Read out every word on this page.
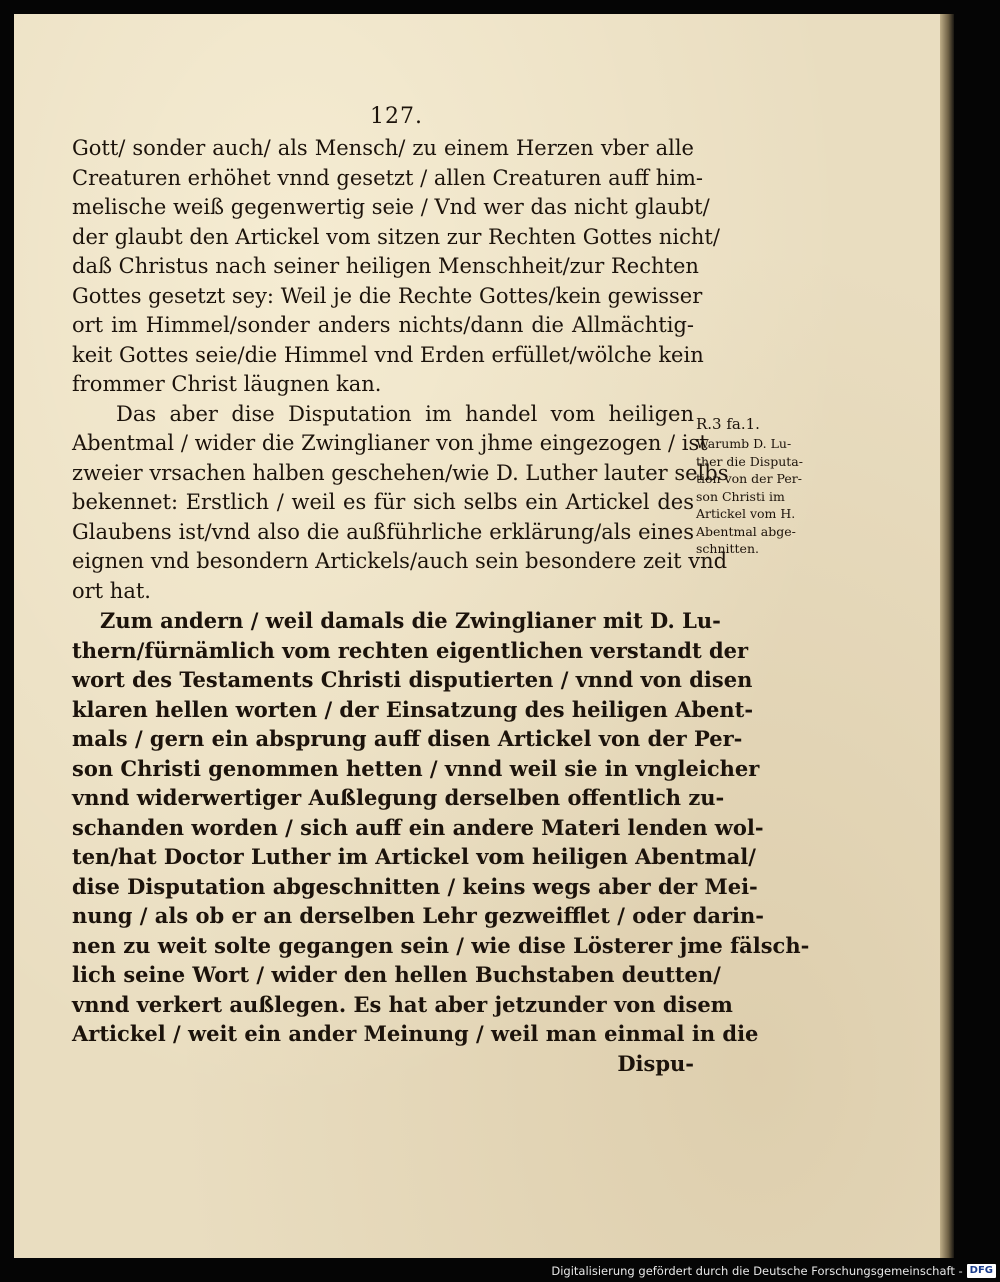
127.
Gott/ sonder auch/ als Mensch/ zu einem Herzen vber alle
Creaturen erhöhet vnnd gesetzt / allen Creaturen auff him-
melische weiß gegenwertig seie / Vnd wer das nicht glaubt/
der glaubt den Artickel vom sitzen zur Rechten Gottes nicht/
daß Christus nach seiner heiligen Menschheit/zur Rechten
Gottes gesetzt sey: Weil je die Rechte Gottes/kein gewisser
ort im Himmel/sonder anders nichts/dann die Allmächtig-
keit Gottes seie/die Himmel vnd Erden erfüllet/wölche kein
frommer Christ läugnen kan.
Das aber dise Disputation im handel vom heiligen
Abentmal / wider die Zwinglianer von jhme eingezogen / ist
zweier vrsachen halben geschehen/wie D. Luther lauter selbs
bekennet: Erstlich / weil es für sich selbs ein Artickel des
Glaubens ist/vnd also die außführliche erklärung/als eines
eignen vnd besondern Artickels/auch sein besondere zeit vnd
ort hat.
Zum andern / weil damals die Zwinglianer mit D. Lu-
thern/fürnämlich vom rechten eigentlichen verstandt der
wort des Testaments Christi disputierten / vnnd von disen
klaren hellen worten / der Einsatzung des heiligen Abent-
mals / gern ein absprung auff disen Artickel von der Per-
son Christi genommen hetten / vnnd weil sie in vngleicher
vnnd widerwertiger Außlegung derselben offentlich zu-
schanden worden / sich auff ein andere Materi lenden wol-
ten/hat Doctor Luther im Artickel vom heiligen Abentmal/
dise Disputation abgeschnitten / keins wegs aber der Mei-
nung / als ob er an derselben Lehr gezweifflet / oder darin-
nen zu weit solte gegangen sein / wie dise Lösterer jme fälsch-
lich seine Wort / wider den hellen Buchstaben deutten/
vnnd verkert außlegen. Es hat aber jetzunder von disem
Artickel / weit ein ander Meinung / weil man einmal in die
Dispu-
R.3 fa.1.
Warumb D. Lu-
ther die Disputa-
tion von der Per-
son Christi im
Artickel vom H.
Abentmal abge-
schnitten.
Digitalisierung gefördert durch die Deutsche Forschungsgemeinschaft - DFG
